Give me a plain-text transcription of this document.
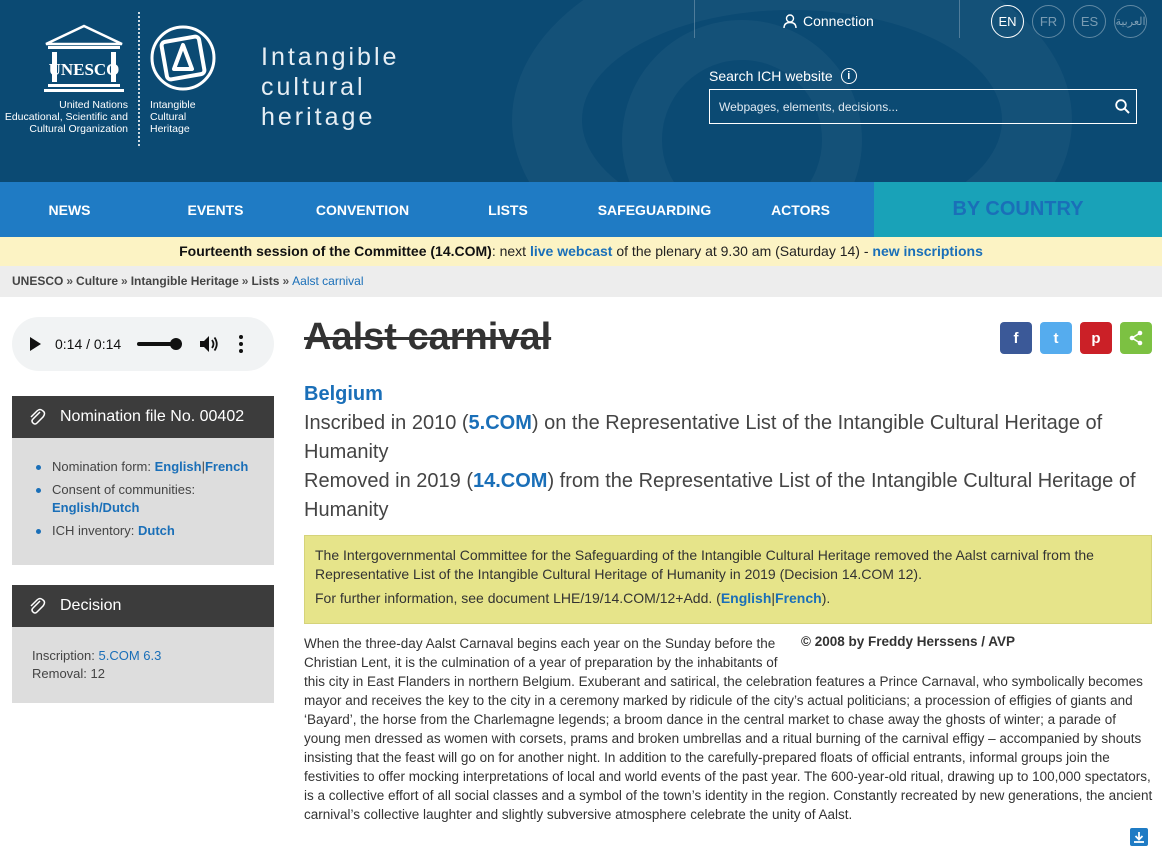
UNESCO
United Nations
Educational, Scientific and
Cultural Organization
Intangible
Cultural
Heritage
Intangible
cultural
heritage
Connection	EN	FR	ES	العربية
Search ICH website	i
Webpages, elements, decisions...
NEWS	EVENTS	CONVENTION	LISTS	SAFEGUARDING	ACTORS	BY COUNTRY
Fourteenth session of the Committee (14.COM): next live webcast of the plenary at 9.30 am (Saturday 14) - new inscriptions
UNESCO » Culture » Intangible Heritage » Lists » Aalst carnival
0:14 / 0:14
Nomination file No. 00402
Nomination form: English|French
Consent of communities:
English/Dutch
ICH inventory: Dutch
Decision
Inscription: 5.COM 6.3
Removal: 12
Aalst carnival	f t p
Belgium
Inscribed in 2010 (5.COM) on the Representative List of the Intangible Cultural Heritage of Humanity
Removed in 2019 (14.COM) from the Representative List of the Intangible Cultural Heritage of Humanity

The Intergovernmental Committee for the Safeguarding of the Intangible Cultural Heritage removed the Aalst carnival from the Representative List of the Intangible Cultural Heritage of Humanity in 2019 (Decision 14.COM 12).

For further information, see document LHE/19/14.COM/12+Add. (English|French).

© 2008 by Freddy Herssens / AVP
When the three-day Aalst Carnaval begins each year on the Sunday before the
Christian Lent, it is the culmination of a year of preparation by the inhabitants of
this city in East Flanders in northern Belgium. Exuberant and satirical, the celebration features a Prince Carnaval, who symbolically becomes mayor and receives the key to the city in a ceremony marked by ridicule of the city’s actual politicians; a procession of effigies of giants and ‘Bayard’, the horse from the Charlemagne legends; a broom dance in the central market to chase away the ghosts of winter; a parade of young men dressed as women with corsets, prams and broken umbrellas and a ritual burning of the carnival effigy – accompanied by shouts insisting that the feast will go on for another night. In addition to the carefully-prepared floats of official entrants, informal groups join the festivities to offer mocking interpretations of local and world events of the past year. The 600-year-old ritual, drawing up to 100,000 spectators, is a collective effort of all social classes and a symbol of the town’s identity in the region. Constantly recreated by new generations, the ancient carnival’s collective laughter and slightly subversive atmosphere celebrate the unity of Aalst.
